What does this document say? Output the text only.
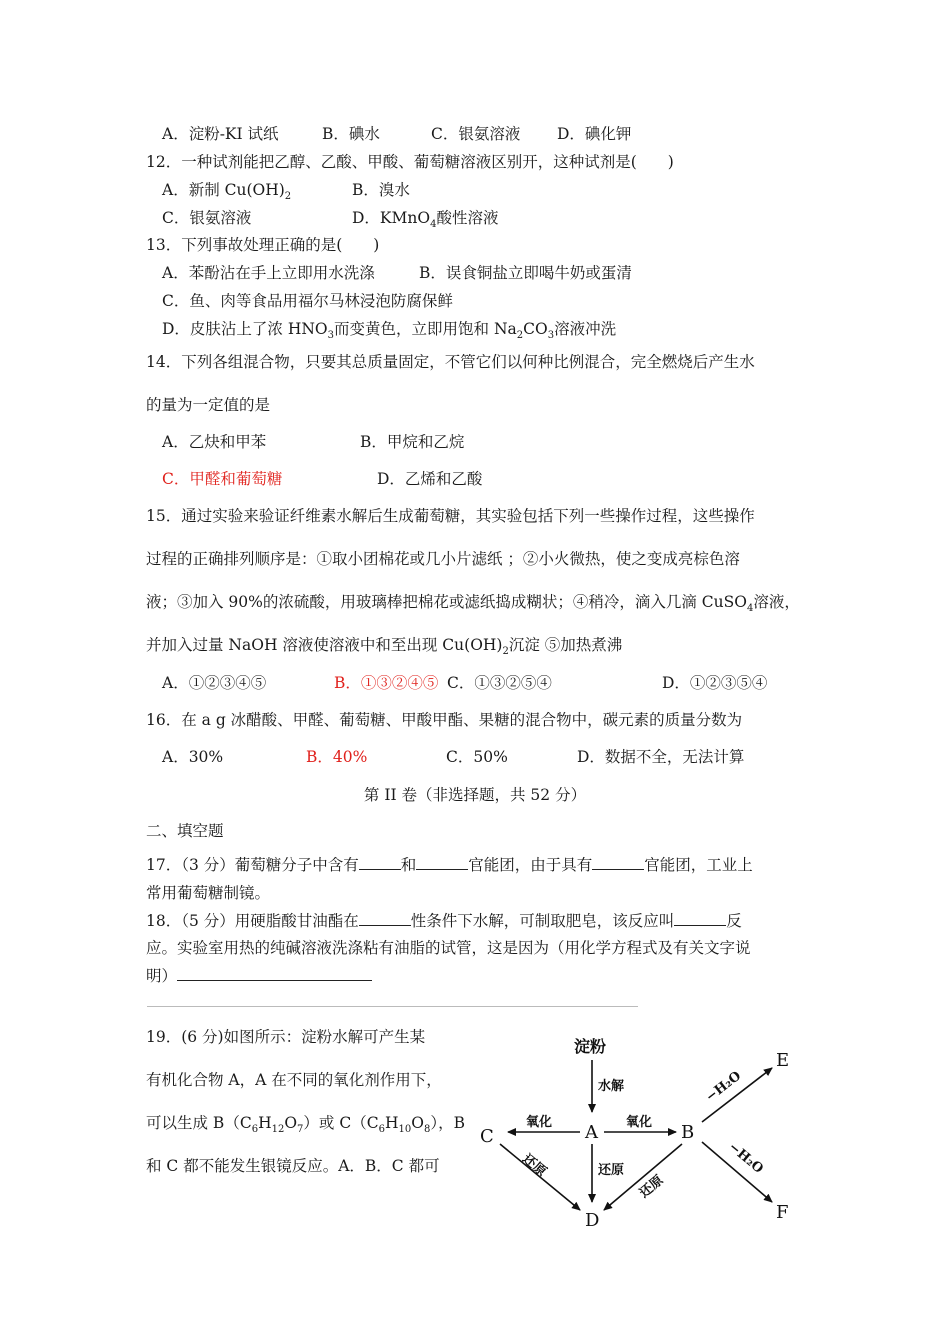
A．淀粉-KI 试纸	B．碘水	C．银氨溶液 D．碘化钾
12．一种试剂能把乙醇、乙酸、甲酸、葡萄糖溶液区别开，这种试剂是(　　)
A．新制 $Cu(OH)_2$	B．溴水
C．银氨溶液	D．KMnO$_4$酸性溶液
13．下列事故处理正确的是(　　)
A．苯酚沾在手上立即用水洗涤	B．误食铜盐立即喝牛奶或蛋清
C．鱼、肉等食品用福尔马林浸泡防腐保鲜
D．皮肤沾上了浓 $HNO_3$而变黄色，立即用饱和 $Na_2CO_3$溶液冲洗
14．下列各组混合物，只要其总质量固定，不管它们以何种比例混合，完全燃烧后产生水
的量为一定值的是
A．乙炔和甲苯	B．甲烷和乙烷
C．甲醛和葡萄糖	D．乙烯和乙酸
15．通过实验来验证纤维素水解后生成葡萄糖，其实验包括下列一些操作过程，这些操作
过程的正确排列顺序是：①取小团棉花或几小片滤纸 ；②小火微热，使之变成亮棕色溶
液；③加入 90%的浓硫酸，用玻璃棒把棉花或滤纸捣成糊状；④稍冷，滴入几滴 CuSO$_4$溶液，
并加入过量 NaOH 溶液使溶液中和至出现 $Cu(OH)_2$沉淀 ⑤加热煮沸
A．①②③④⑤	B．①③②④⑤ C．①③②⑤④	D．①②③⑤④
16．在 a g 冰醋酸、甲醛、葡萄糖、甲酸甲酯、果糖的混合物中，碳元素的质量分数为
A．30%	B．40%	C．50%	D．数据不全，无法计算
第 II 卷（非选择题，共 52 分）
二、填空题
17．（3 分）葡萄糖分子中含有	和	官能团，由于具有	官能团，工业上
常用葡萄糖制镜。
18．（5 分）用硬脂酸甘油酯在	性条件下水解，可制取肥皂，该反应叫	反
应。实验室用热的纯碱溶液洗涤粘有油脂的试管，这是因为（用化学方程式及有关文字说
明）
19．(6 分)如图所示：淀粉水解可产生某
有机化合物 A，A 在不同的氧化剂作用下，
可以生成 $B(C_6H_{12}O_7)$或 $C(C_6H_{10}O_8)$，B
和 C 都不能发生银镜反应。A．B．C 都可
淀粉
水解
A	B
C
D
E
F
氧化	氧化
还原
还原
还原
−H₂O
−H₂O
